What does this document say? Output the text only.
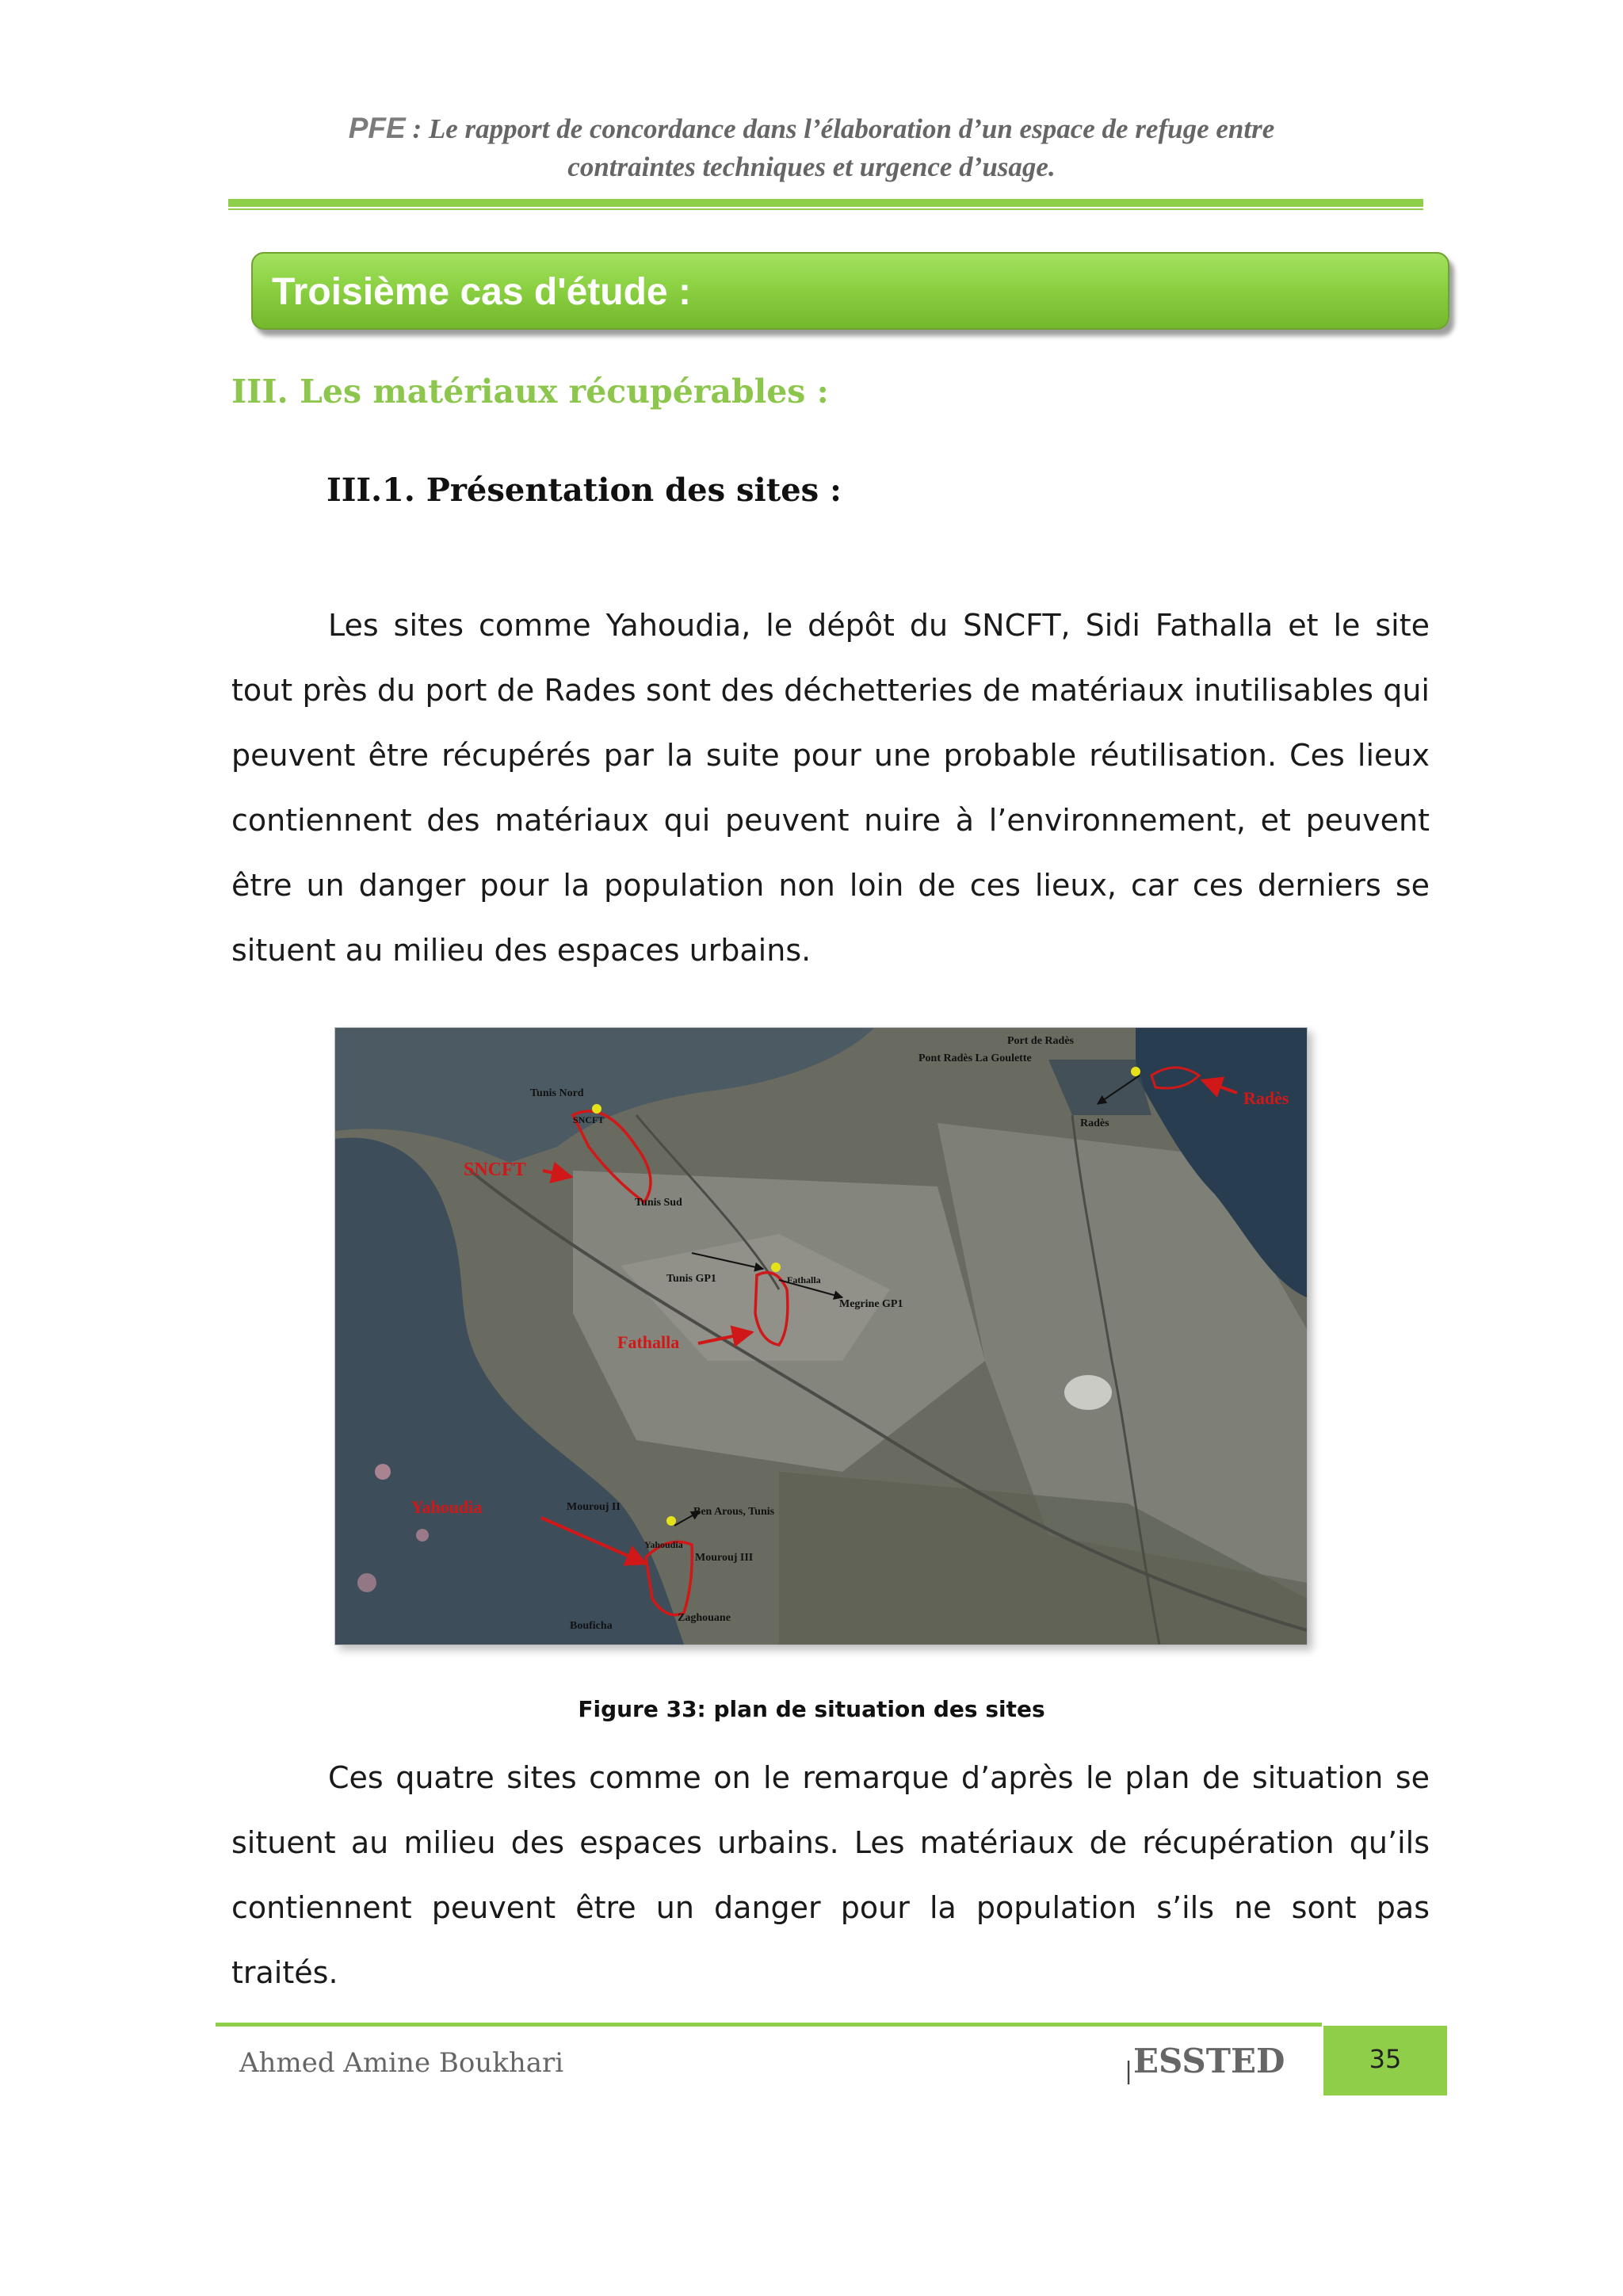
PFE : Le rapport de concordance dans l’élaboration d’un espace de refuge entre
contraintes techniques et urgence d’usage.
Troisième cas d'étude :
III. Les matériaux récupérables :
III.1. Présentation des sites :

Les sites comme Yahoudia, le dépôt du SNCFT, Sidi Fathalla et le site tout près du port de Rades sont des déchetteries de matériaux inutilisables qui peuvent être récupérés par la suite pour une probable réutilisation. Ces lieux contiennent des matériaux qui peuvent nuire à l’environnement, et peuvent être un danger pour la population non loin de ces lieux, car ces derniers se situent au milieu des espaces urbains.

Radès
Port de Radès
Pont Radès La Goulette
Radès
SNCFT
Tunis Nord
SNCFT
Tunis Sud
Fathalla
Tunis GP1	Fathalla
Megrine GP1
Yahoudia	Mourouj II	Ben Arous, Tunis
Yahoudia
Mourouj III
Zaghouane
Bouficha
Figure 33: plan de situation des sites

Ces quatre sites comme on le remarque d’après le plan de situation se situent au milieu des espaces urbains. Les matériaux de récupération qu’ils contiennent peuvent être un danger pour la population s’ils ne sont pas traités.

Ahmed Amine Boukhari	| ESSTED	35
